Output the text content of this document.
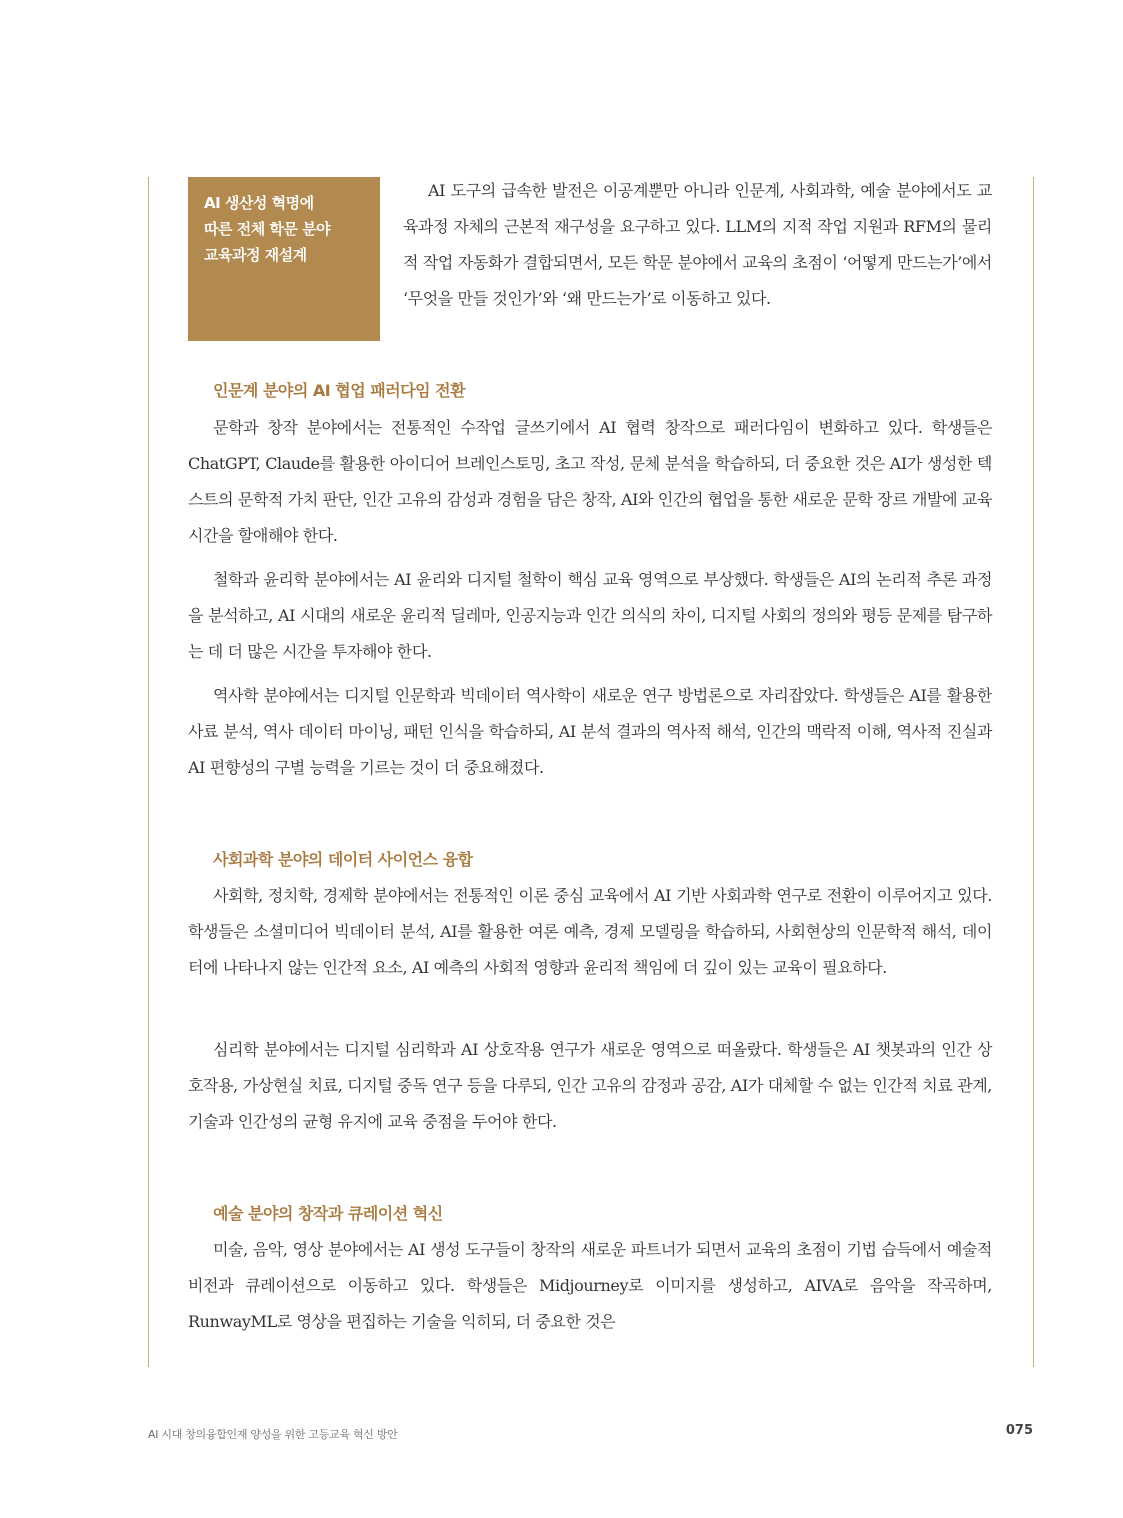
AI 생산성 혁명에

따른 전체 학문 분야

교육과정 재설계

AI 도구의 급속한 발전은 이공계뿐만 아니라 인문계, 사회과학, 예술 분야에서도 교육과정 자체의 근본적 재구성을 요구하고 있다. LLM의 지적 작업 지원과 RFM의 물리적 작업 자동화가 결합되면서, 모든 학문 분야에서 교육의 초점이 ‘어떻게 만드는가’에서 ‘무엇을 만들 것인가’와 ‘왜 만드는가’로 이동하고 있다.

인문계 분야의 AI 협업 패러다임 전환

문학과 창작 분야에서는 전통적인 수작업 글쓰기에서 AI 협력 창작으로 패러다임이 변화하고 있다. 학생들은 ChatGPT, Claude를 활용한 아이디어 브레인스토밍, 초고 작성, 문체 분석을 학습하되, 더 중요한 것은 AI가 생성한 텍스트의 문학적 가치 판단, 인간 고유의 감성과 경험을 담은 창작, AI와 인간의 협업을 통한 새로운 문학 장르 개발에 교육 시간을 할애해야 한다.

철학과 윤리학 분야에서는 AI 윤리와 디지털 철학이 핵심 교육 영역으로 부상했다. 학생들은 AI의 논리적 추론 과정을 분석하고, AI 시대의 새로운 윤리적 딜레마, 인공지능과 인간 의식의 차이, 디지털 사회의 정의와 평등 문제를 탐구하는 데 더 많은 시간을 투자해야 한다.

역사학 분야에서는 디지털 인문학과 빅데이터 역사학이 새로운 연구 방법론으로 자리잡았다. 학생들은 AI를 활용한 사료 분석, 역사 데이터 마이닝, 패턴 인식을 학습하되, AI 분석 결과의 역사적 해석, 인간의 맥락적 이해, 역사적 진실과 AI 편향성의 구별 능력을 기르는 것이 더 중요해졌다.

사회과학 분야의 데이터 사이언스 융합

사회학, 정치학, 경제학 분야에서는 전통적인 이론 중심 교육에서 AI 기반 사회과학 연구로 전환이 이루어지고 있다. 학생들은 소셜미디어 빅데이터 분석, AI를 활용한 여론 예측, 경제 모델링을 학습하되, 사회현상의 인문학적 해석, 데이터에 나타나지 않는 인간적 요소, AI 예측의 사회적 영향과 윤리적 책임에 더 깊이 있는 교육이 필요하다.

심리학 분야에서는 디지털 심리학과 AI 상호작용 연구가 새로운 영역으로 떠올랐다. 학생들은 AI 챗봇과의 인간 상호작용, 가상현실 치료, 디지털 중독 연구 등을 다루되, 인간 고유의 감정과 공감, AI가 대체할 수 없는 인간적 치료 관계, 기술과 인간성의 균형 유지에 교육 중점을 두어야 한다.

예술 분야의 창작과 큐레이션 혁신

미술, 음악, 영상 분야에서는 AI 생성 도구들이 창작의 새로운 파트너가 되면서 교육의 초점이 기법 습득에서 예술적 비전과 큐레이션으로 이동하고 있다. 학생들은 Midjourney로 이미지를 생성하고, AIVA로 음악을 작곡하며, RunwayML로 영상을 편집하는 기술을 익히되, 더 중요한 것은

AI 시대 창의융합인재 양성을 위한 고등교육 혁신 방안	075
